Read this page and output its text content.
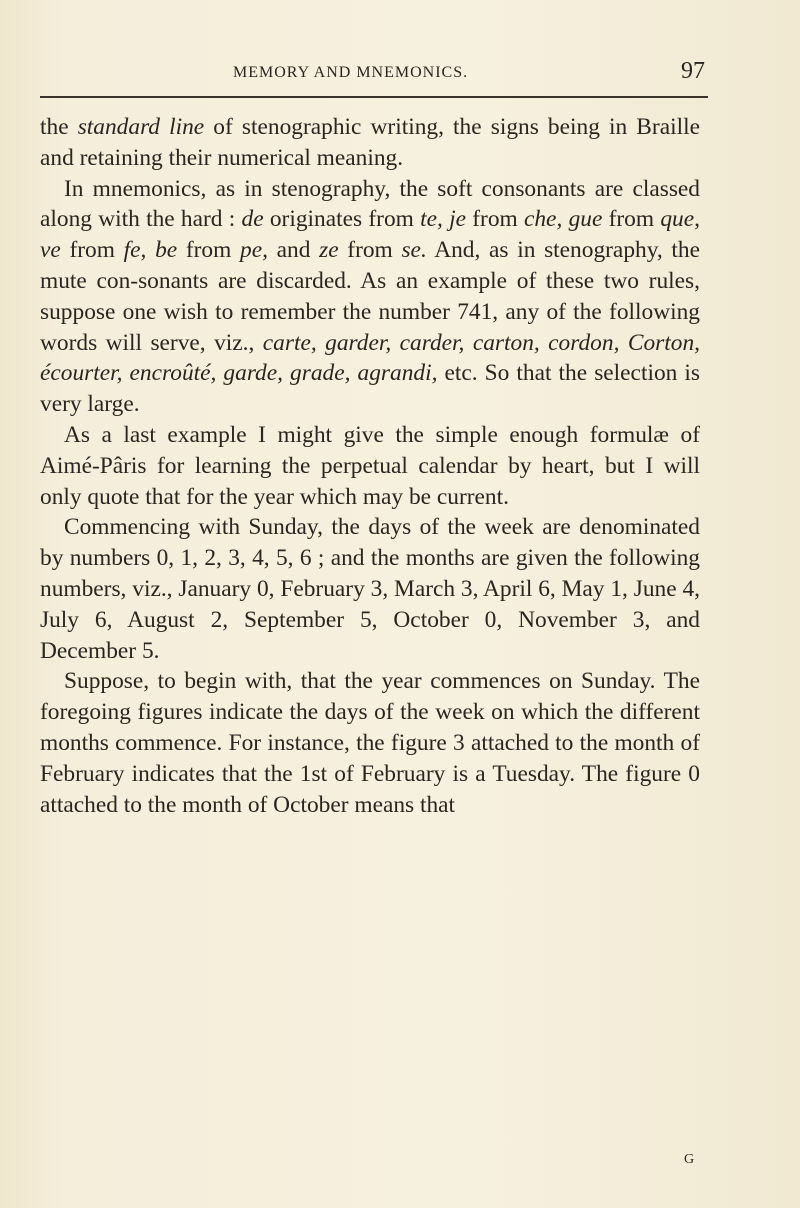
MEMORY AND MNEMONICS.	97

the standard line of stenographic writing, the signs being in Braille and retaining their numerical meaning.

In mnemonics, as in stenography, the soft consonants are classed along with the hard : de originates from te, je from che, gue from que, ve from fe, be from pe, and ze from se. And, as in stenography, the mute con-sonants are discarded. As an example of these two rules, suppose one wish to remember the number 741, any of the following words will serve, viz., carte, garder, carder, carton, cordon, Corton, écourter, encroûté, garde, grade, agrandi, etc. So that the selection is very large.

As a last example I might give the simple enough formulæ of Aimé-Pâris for learning the perpetual calendar by heart, but I will only quote that for the year which may be current.

Commencing with Sunday, the days of the week are denominated by numbers 0, 1, 2, 3, 4, 5, 6 ; and the months are given the following numbers, viz., January 0, February 3, March 3, April 6, May 1, June 4, July 6, August 2, September 5, October 0, November 3, and December 5.

Suppose, to begin with, that the year commences on Sunday. The foregoing figures indicate the days of the week on which the different months commence. For instance, the figure 3 attached to the month of February indicates that the 1st of February is a Tuesday. The figure 0 attached to the month of October means that

G
